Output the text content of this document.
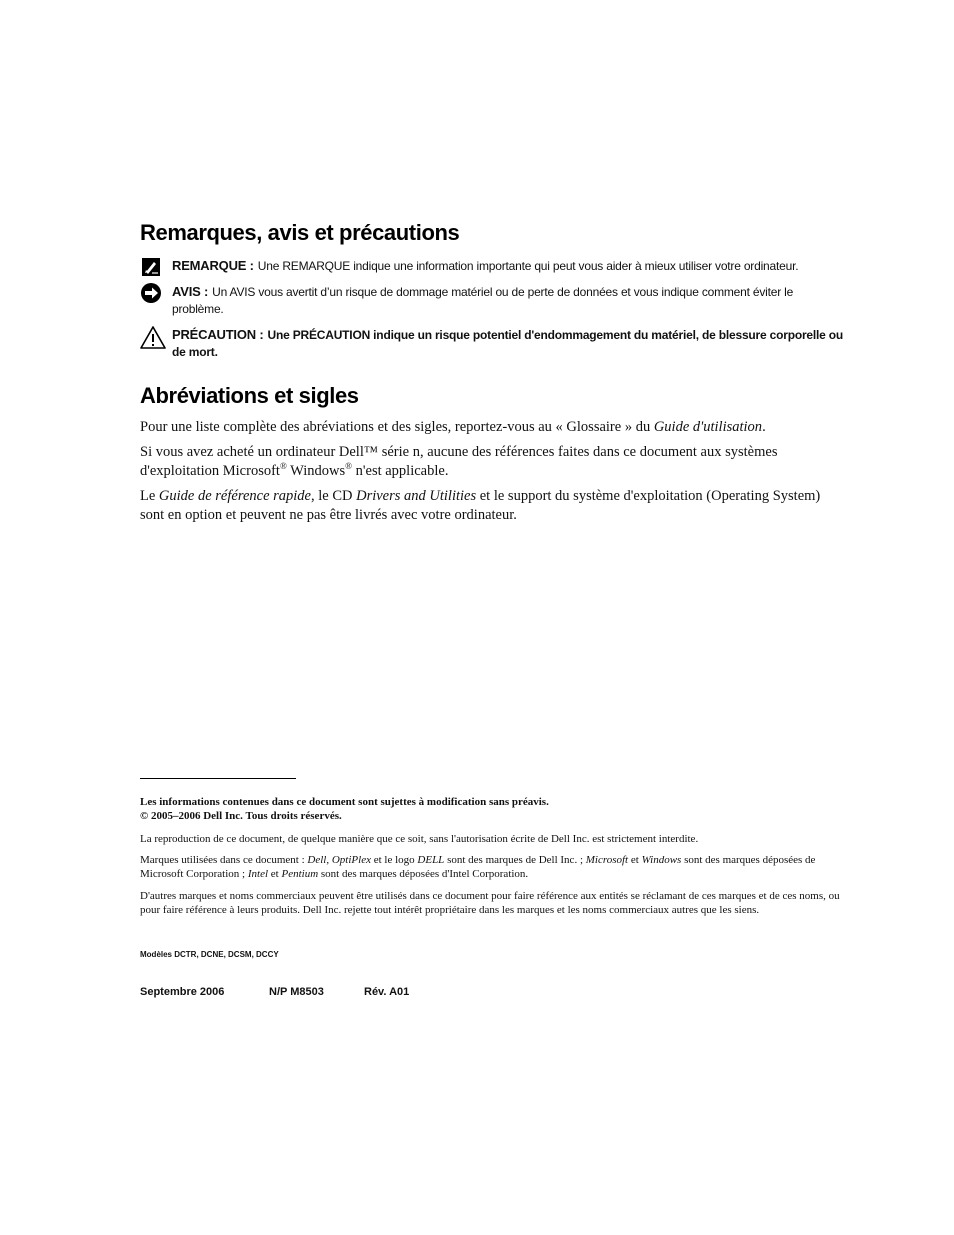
Remarques, avis et précautions
REMARQUE : Une REMARQUE indique une information importante qui peut vous aider à mieux utiliser votre ordinateur.
AVIS : Un AVIS vous avertit d’un risque de dommage matériel ou de perte de données et vous indique comment éviter le problème.
PRÉCAUTION : Une PRÉCAUTION indique un risque potentiel d'endommagement du matériel, de blessure corporelle ou de mort.
Abréviations et sigles

Pour une liste complète des abréviations et des sigles, reportez-vous au « Glossaire » du Guide d'utilisation.

Si vous avez acheté un ordinateur Dell™ série n, aucune des références faites dans ce document aux systèmes d'exploitation Microsoft® Windows® n'est applicable.

Le Guide de référence rapide, le CD Drivers and Utilities et le support du système d'exploitation (Operating System) sont en option et peuvent ne pas être livrés avec votre ordinateur.

Les informations contenues dans ce document sont sujettes à modification sans préavis.
© 2005–2006 Dell Inc. Tous droits réservés.

La reproduction de ce document, de quelque manière que ce soit, sans l'autorisation écrite de Dell Inc. est strictement interdite.

Marques utilisées dans ce document : Dell, OptiPlex et le logo DELL sont des marques de Dell Inc. ; Microsoft et Windows sont des marques déposées de Microsoft Corporation ; Intel et Pentium sont des marques déposées d'Intel Corporation.

D'autres marques et noms commerciaux peuvent être utilisés dans ce document pour faire référence aux entités se réclamant de ces marques et de ces noms, ou pour faire référence à leurs produits. Dell Inc. rejette tout intérêt propriétaire dans les marques et les noms commerciaux autres que les siens.

Modèles DCTR, DCNE, DCSM, DCCY

Septembre 2006	N/P M8503	Rév. A01
